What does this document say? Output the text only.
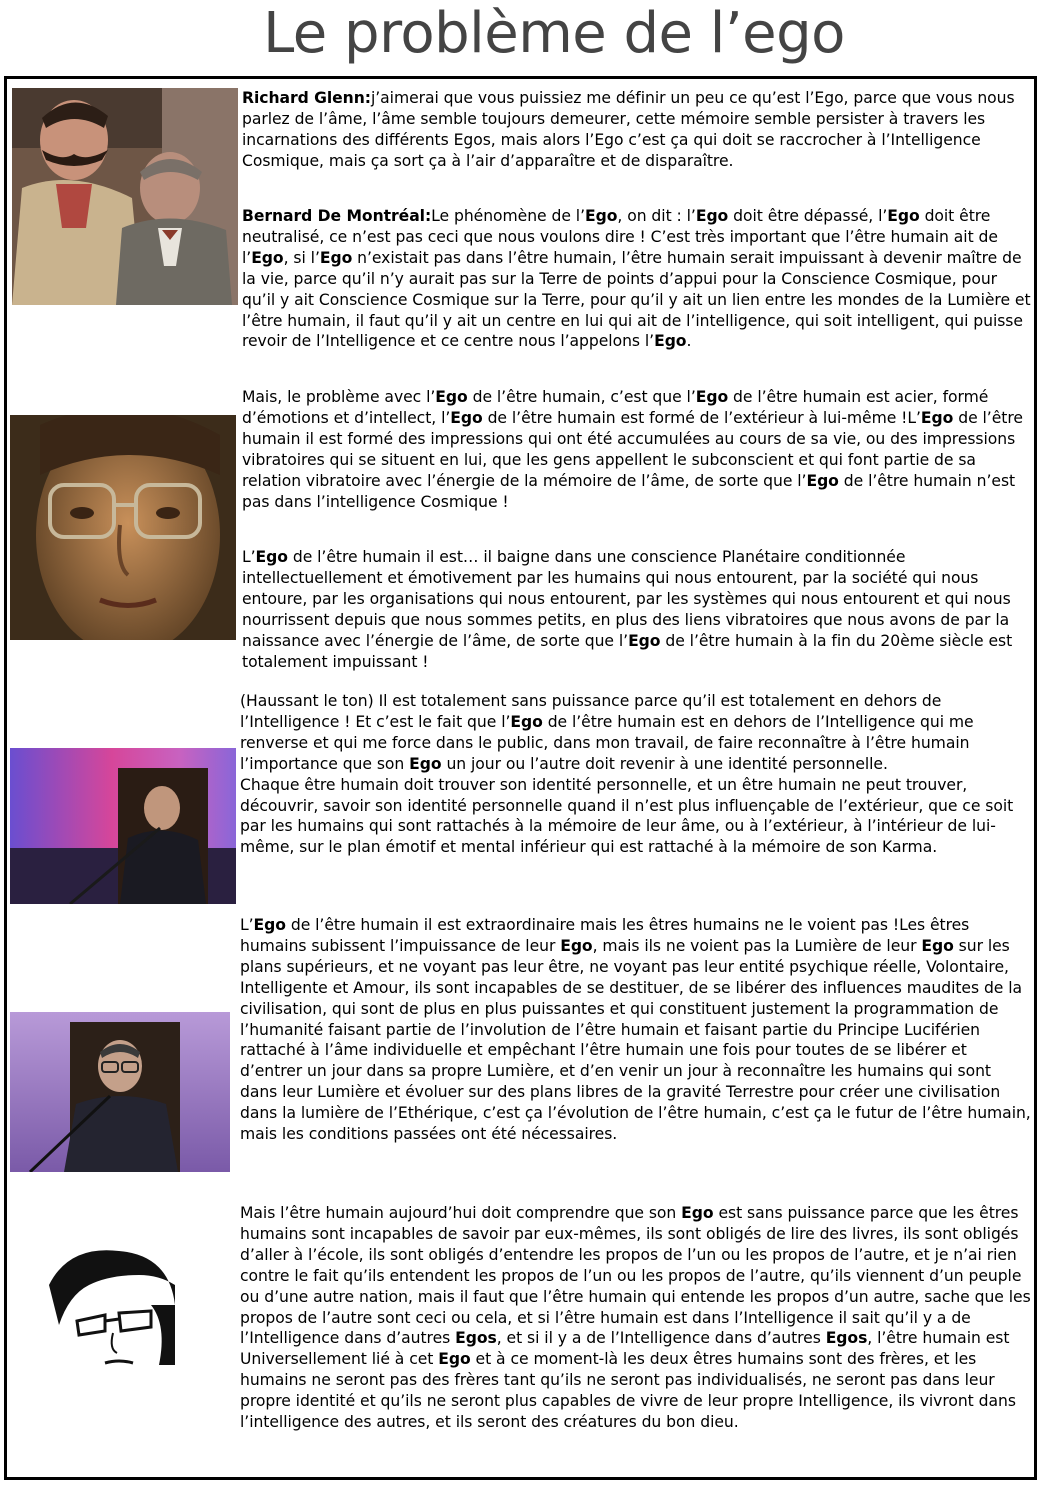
Le problème de l’ego

Richard Glenn:j’aimerai que vous puissiez me définir un peu ce qu’est l’Ego, parce que vous nous parlez de l’âme, l’âme semble toujours demeurer, cette mémoire semble persister à travers les incarnations des différents Egos, mais alors l’Ego c’est ça qui doit se raccrocher à l’Intelligence Cosmique, mais ça sort ça à l’air d’apparaître et de disparaître.

Bernard De Montréal:Le phénomène de l’Ego, on dit : l’Ego doit être dépassé, l’Ego doit être neutralisé, ce n’est pas ceci que nous voulons dire ! C’est très important que l’être humain ait de l’Ego, si l’Ego n’existait pas dans l’être humain, l’être humain serait impuissant à devenir maître de la vie, parce qu’il n’y aurait pas sur la Terre de points d’appui pour la Conscience Cosmique, pour qu’il y ait Conscience Cosmique sur la Terre, pour qu’il y ait un lien entre les mondes de la Lumière et l’être humain, il faut qu’il y ait un centre en lui qui ait de l’intelligence, qui soit intelligent, qui puisse revoir de l’Intelligence et ce centre nous l’appelons l’Ego.

Mais, le problème avec l’Ego de l’être humain, c’est que l’Ego de l’être humain est acier, formé d’émotions et d’intellect, l’Ego de l’être humain est formé de l’extérieur à lui-même !L’Ego de l’être humain il est formé des impressions qui ont été accumulées au cours de sa vie, ou des impressions vibratoires qui se situent en lui, que les gens appellent le subconscient et qui font partie de sa relation vibratoire avec l’énergie de la mémoire de l’âme, de sorte que l’Ego de l’être humain n’est pas dans l’intelligence Cosmique !

L’Ego de l’être humain il est… il baigne dans une conscience Planétaire conditionnée intellectuellement et émotivement par les humains qui nous entourent, par la société qui nous entoure, par les organisations qui nous entourent, par les systèmes qui nous entourent et qui nous nourrissent depuis que nous sommes petits, en plus des liens vibratoires que nous avons de par la naissance avec l’énergie de l’âme, de sorte que l’Ego de l’être humain à la fin du 20ème siècle est totalement impuissant !

(Haussant le ton) Il est totalement sans puissance parce qu’il est totalement en dehors de l’Intelligence ! Et c’est le fait que l’Ego de l’être humain est en dehors de l’Intelligence qui me renverse et qui me force dans le public, dans mon travail, de faire reconnaître à l’être humain l’importance que son Ego un jour ou l’autre doit revenir à une identité personnelle.
Chaque être humain doit trouver son identité personnelle, et un être humain ne peut trouver, découvrir, savoir son identité personnelle quand il n’est plus influençable de l’extérieur, que ce soit par les humains qui sont rattachés à la mémoire de leur âme, ou à l’extérieur, à l’intérieur de lui-même, sur le plan émotif et mental inférieur qui est rattaché à la mémoire de son Karma.

L’Ego de l’être humain il est extraordinaire mais les êtres humains ne le voient pas !Les êtres humains subissent l’impuissance de leur Ego, mais ils ne voient pas la Lumière de leur Ego sur les plans supérieurs, et ne voyant pas leur être, ne voyant pas leur entité psychique réelle, Volontaire, Intelligente et Amour, ils sont incapables de se destituer, de se libérer des influences maudites de la civilisation, qui sont de plus en plus puissantes et qui constituent justement la programmation de l’humanité faisant partie de l’involution de l’être humain et faisant partie du Principe Luciférien rattaché à l’âme individuelle et empêchant l’être humain une fois pour toutes de se libérer et d’entrer un jour dans sa propre Lumière, et d’en venir un jour à reconnaître les humains qui sont dans leur Lumière et évoluer sur des plans libres de la gravité Terrestre pour créer une civilisation dans la lumière de l’Ethérique, c’est ça l’évolution de l’être humain, c’est ça le futur de l’être humain, mais les conditions passées ont été nécessaires.

Mais l’être humain aujourd’hui doit comprendre que son Ego est sans puissance parce que les êtres humains sont incapables de savoir par eux-mêmes, ils sont obligés de lire des livres, ils sont obligés d’aller à l’école, ils sont obligés d’entendre les propos de l’un ou les propos de l’autre, et je n’ai rien contre le fait qu’ils entendent les propos de l’un ou les propos de l’autre, qu’ils viennent d’un peuple ou d’une autre nation, mais il faut que l’être humain qui entende les propos d’un autre, sache que les propos de l’autre sont ceci ou cela, et si l’être humain est dans l’Intelligence il sait qu’il y a de l’Intelligence dans d’autres Egos, et si il y a de l’Intelligence dans d’autres Egos, l’être humain est Universellement lié à cet Ego et à ce moment-là les deux êtres humains sont des frères, et les humains ne seront pas des frères tant qu’ils ne seront pas individualisés, ne seront pas dans leur propre identité et qu’ils ne seront plus capables de vivre de leur propre Intelligence, ils vivront dans l’intelligence des autres, et ils seront des créatures du bon dieu.
